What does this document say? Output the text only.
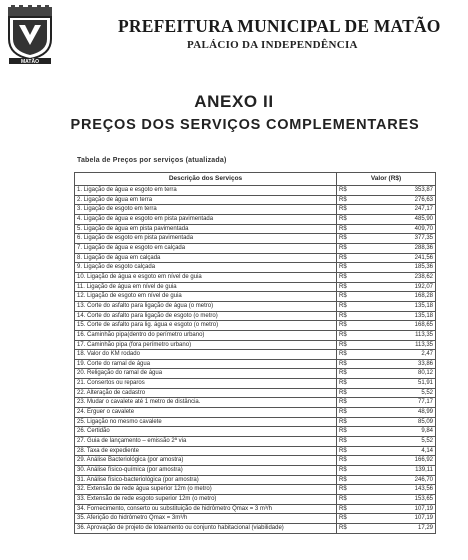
MATÃO
PREFEITURA MUNICIPAL DE MATÃO
PALÁCIO DA INDEPENDÊNCIA
ANEXO II
PREÇOS DOS SERVIÇOS COMPLEMENTARES
Tabela de Preços por serviços (atualizada)
Descrição dos Serviços	Valor (R$)	
1. Ligação de água e esgoto em terra	R$	353,87
2. Ligação de água em terra	R$	276,63
3. Ligação de esgoto em terra	R$	247,17
4. Ligação de água e esgoto em pista pavimentada	R$	485,90
5. Ligação de água em pista pavimentada	R$	409,70
6. Ligação de esgoto em pista pavimentada	R$	377,35
7. Ligação de água e esgoto em calçada	R$	288,36
8. Ligação de água em calçada	R$	241,56
9. Ligação de esgoto calçada	R$	185,36
10. Ligação de água e esgoto em nível de guia	R$	238,62
11. Ligação de água em nível de guia	R$	192,07
12. Ligação de esgoto em nível de guia	R$	168,28
13. Corte do asfalto para ligação de água (o metro)	R$	135,18
14. Corte do asfalto para ligação de esgoto (o metro)	R$	135,18
15. Corte de asfalto para lig. água e esgoto (o metro)	R$	168,65
16. Caminhão pipa(dentro do perímetro urbano)	R$	113,35
17. Caminhão pipa (fora perímetro urbano)	R$	113,35
18. Valor do KM rodado	R$	2,47
19. Corte do ramal de água	R$	33,86
20. Religação do ramal de água	R$	80,12
21. Consertos ou reparos	R$	51,91
22. Alteração de cadastro	R$	5,52
23. Mudar o cavalete até 1 metro de distância.	R$	77,17
24. Erguer o cavalete	R$	48,99
25. Ligação no mesmo cavalete	R$	85,09
26. Certidão	R$	9,84
27. Guia de lançamento – emissão 2ª via	R$	5,52
28. Taxa de expediente	R$	4,14
29. Análise Bacteriológica (por amostra)	R$	166,92
30. Análise físico-química (por amostra)	R$	139,11
31. Análise físico-bacteriológica (por amostra)	R$	246,70
32. Extensão de rede água superior 12m (o metro)	R$	143,56
33. Extensão de rede esgoto superior 12m (o metro)	R$	153,65
34. Fornecimento, conserto ou substituição de hidrômetro Qmax = 3 m³/h	R$	107,19
35. Aferição do hidrômetro Qmax = 3m³/h	R$	107,19
36. Aprovação de projeto de loteamento ou conjunto habitacional (viabilidade)	R$	17,29
